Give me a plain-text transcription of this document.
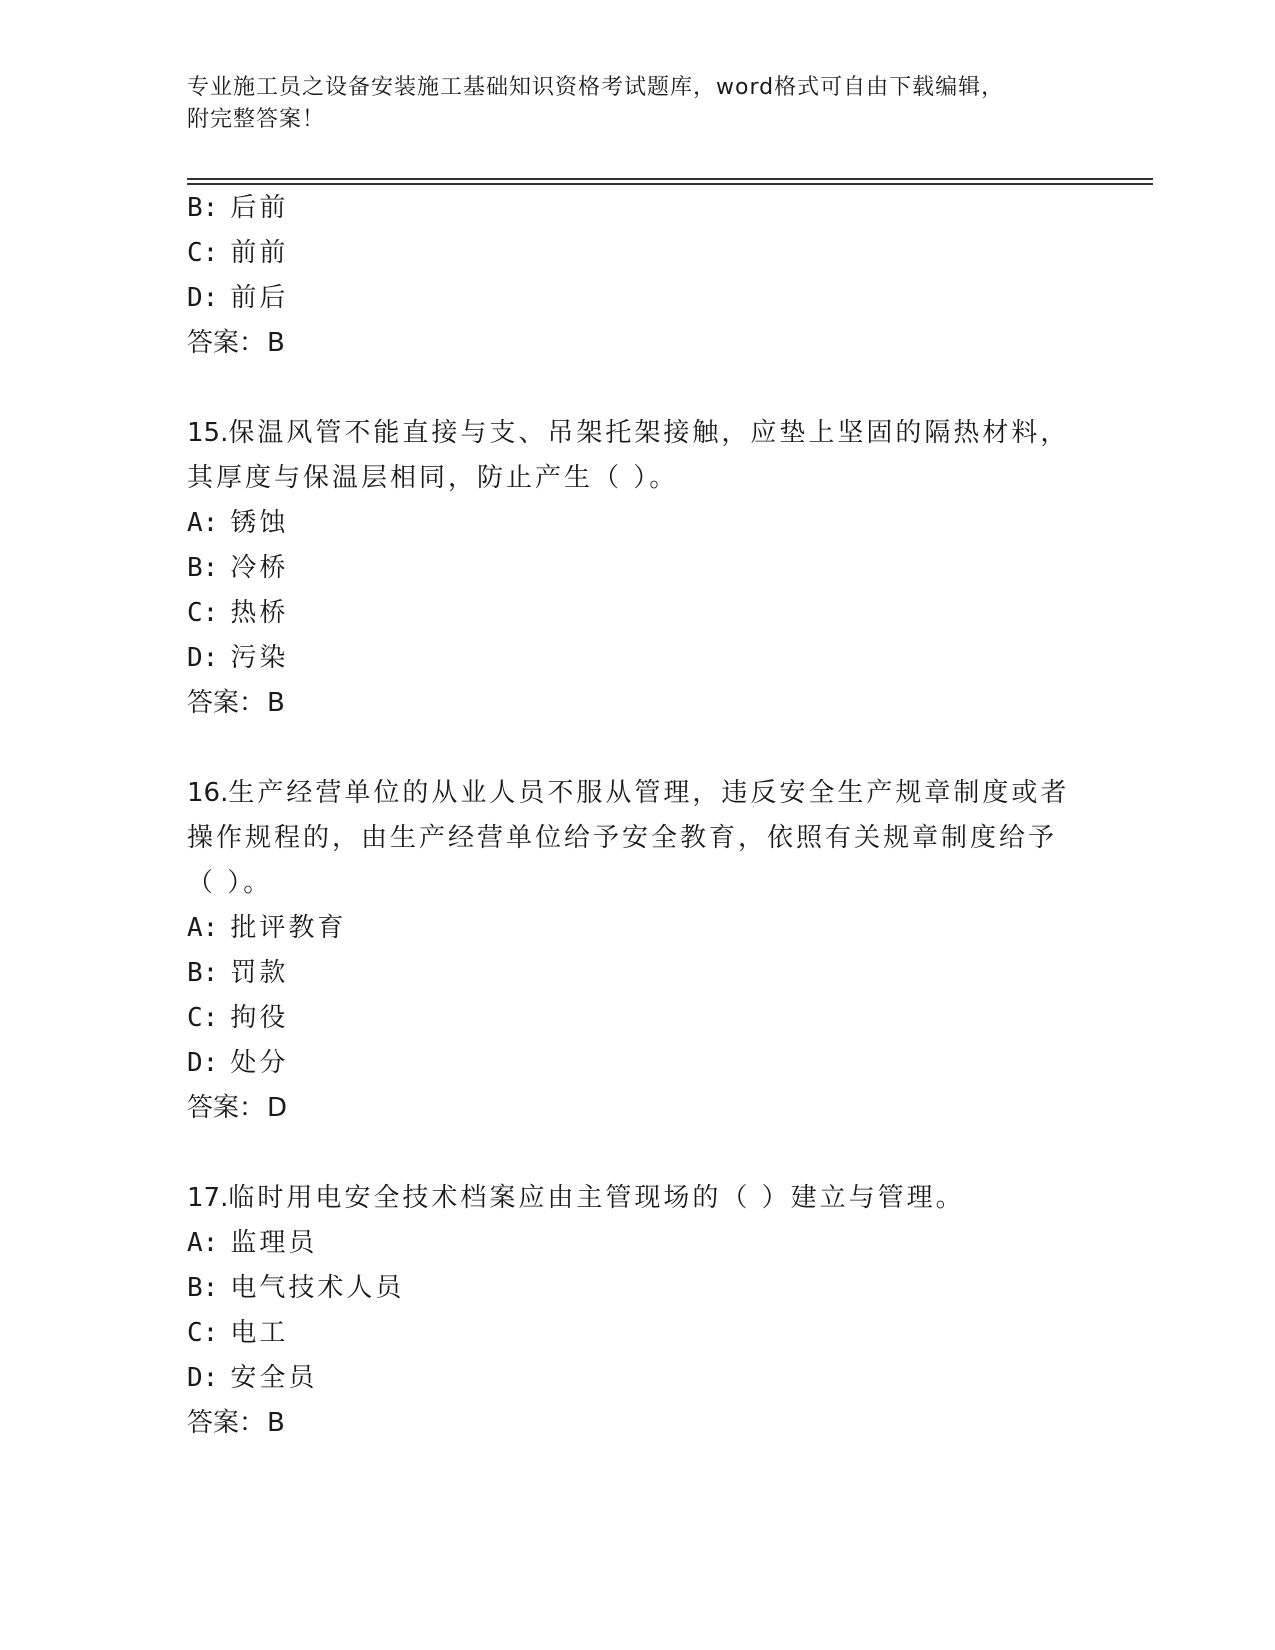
专业施工员之设备安装施工基础知识资格考试题库，word格式可自由下载编辑，
附完整答案！
B: 后前
C: 前前
D: 前后
答案：B
15.保温风管不能直接与支、吊架托架接触，应垫上坚固的隔热材料，
其厚度与保温层相同，防止产生（ ）。
A: 锈蚀
B: 冷桥
C: 热桥
D: 污染
答案：B
16.生产经营单位的从业人员不服从管理，违反安全生产规章制度或者
操作规程的，由生产经营单位给予安全教育，依照有关规章制度给予
（ ）。
A: 批评教育
B: 罚款
C: 拘役
D: 处分
答案：D
17.临时用电安全技术档案应由主管现场的（ ）建立与管理。
A: 监理员
B: 电气技术人员
C: 电工
D: 安全员
答案：B
